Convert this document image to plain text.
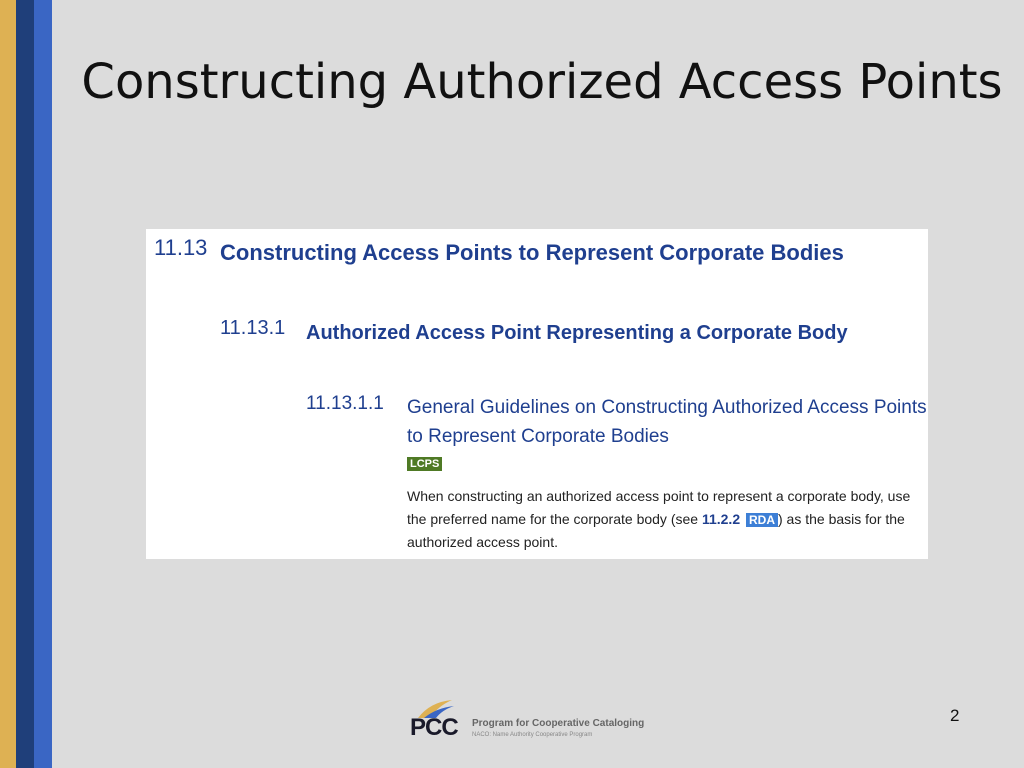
Constructing Authorized Access Points
11.13 Constructing Access Points to Represent Corporate Bodies
11.13.1 Authorized Access Point Representing a Corporate Body
11.13.1.1 General Guidelines on Constructing Authorized Access Points to Represent Corporate Bodies
LCPS
When constructing an authorized access point to represent a corporate body, use the preferred name for the corporate body (see 11.2.2 RDA ) as the basis for the authorized access point.
PCC Program for Cooperative Cataloging
NACO: Name Authority Cooperative Program
2
